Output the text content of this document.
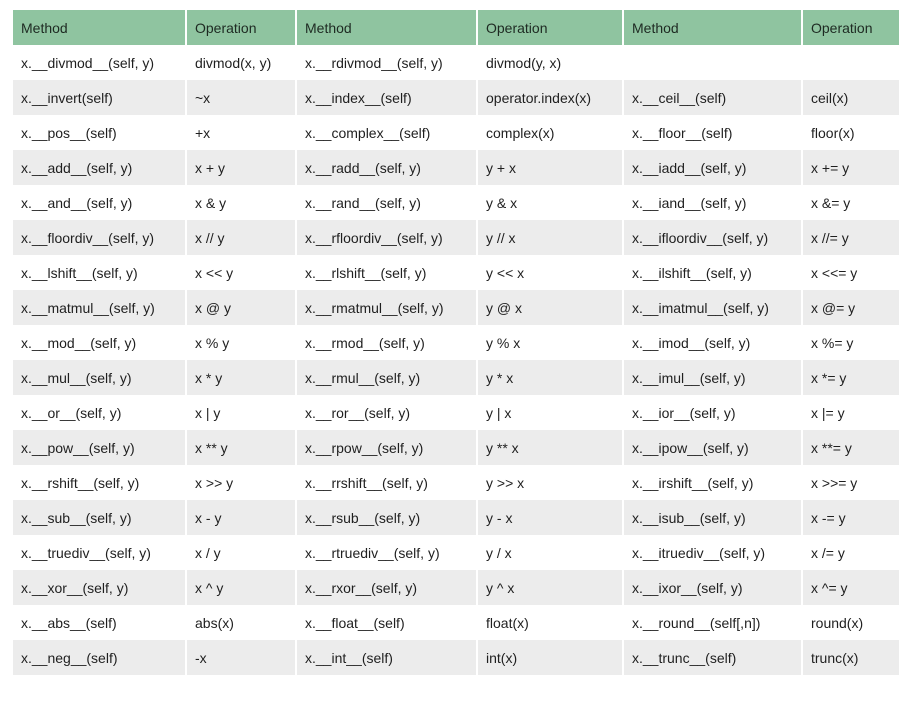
Method	Operation	Method	Operation	Method	Operation
x.__divmod__(self, y)	divmod(x, y)	x.__rdivmod__(self, y)	divmod(y, x)		
x.__invert(self)	~x	x.__index__(self)	operator.index(x)	x.__ceil__(self)	ceil(x)
x.__pos__(self)	+x	x.__complex__(self)	complex(x)	x.__floor__(self)	floor(x)
x.__add__(self, y)	x + y	x.__radd__(self, y)	y + x	x.__iadd__(self, y)	x += y
x.__and__(self, y)	x & y	x.__rand__(self, y)	y & x	x.__iand__(self, y)	x &= y
x.__floordiv__(self, y)	x // y	x.__rfloordiv__(self, y)	y // x	x.__ifloordiv__(self, y)	x //= y
x.__lshift__(self, y)	x << y	x.__rlshift__(self, y)	y << x	x.__ilshift__(self, y)	x <<= y
x.__matmul__(self, y)	x @ y	x.__rmatmul__(self, y)	y @ x	x.__imatmul__(self, y)	x @= y
x.__mod__(self, y)	x % y	x.__rmod__(self, y)	y % x	x.__imod__(self, y)	x %= y
x.__mul__(self, y)	x * y	x.__rmul__(self, y)	y * x	x.__imul__(self, y)	x *= y
x.__or__(self, y)	x | y	x.__ror__(self, y)	y | x	x.__ior__(self, y)	x |= y
x.__pow__(self, y)	x ** y	x.__rpow__(self, y)	y ** x	x.__ipow__(self, y)	x **= y
x.__rshift__(self, y)	x >> y	x.__rrshift__(self, y)	y >> x	x.__irshift__(self, y)	x >>= y
x.__sub__(self, y)	x - y	x.__rsub__(self, y)	y - x	x.__isub__(self, y)	x -= y
x.__truediv__(self, y)	x / y	x.__rtruediv__(self, y)	y / x	x.__itruediv__(self, y)	x /= y
x.__xor__(self, y)	x ^ y	x.__rxor__(self, y)	y ^ x	x.__ixor__(self, y)	x ^= y
x.__abs__(self)	abs(x)	x.__float__(self)	float(x)	x.__round__(self[,n])	round(x)
x.__neg__(self)	-x	x.__int__(self)	int(x)	x.__trunc__(self)	trunc(x)
